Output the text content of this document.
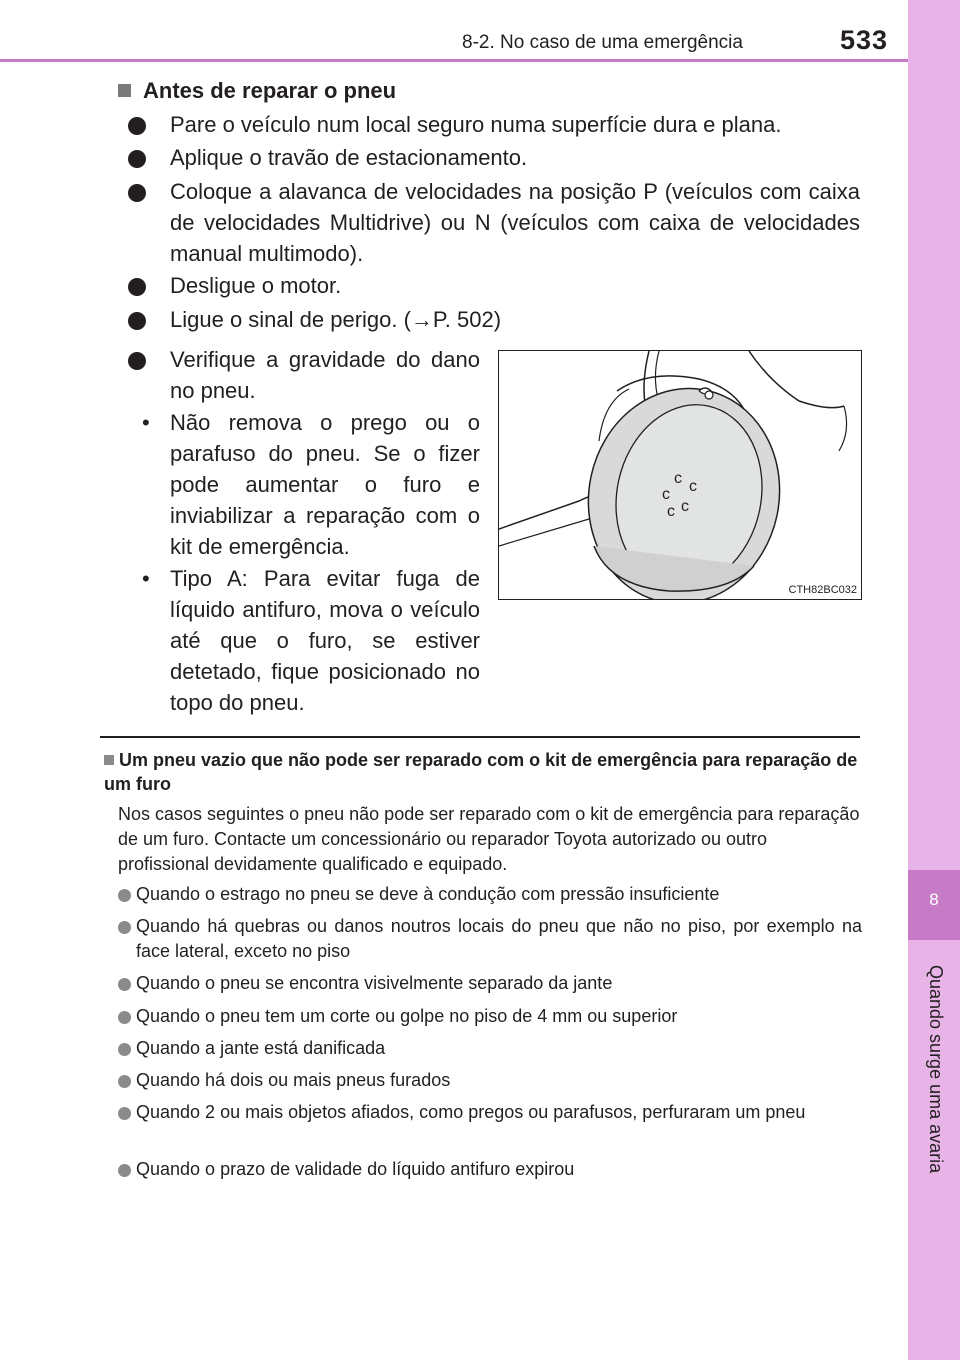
8-2. No caso de uma emergência	533
8
Quando surge uma avaria
Antes de reparar o pneu
Pare o veículo num local seguro numa superfície dura e plana.
Aplique o travão de estacionamento.
Coloque a alavanca de velocidades na posição P (veículos com caixa de velocidades Multidrive) ou N (veículos com caixa de velocidades manual multimodo).
Desligue o motor.
Ligue o sinal de perigo. (→P. 502)
Verifique a gravidade do dano no pneu.
• Não remova o prego ou o parafuso do pneu. Se o fizer pode aumentar o furo e inviabilizar a reparação com o kit de emergência.
• Tipo A: Para evitar fuga de líquido antifuro, mova o veículo até que o furo, se estiver detetado, fique posicionado no topo do pneu.
c c
c
c
c
CTH82BC032
Um pneu vazio que não pode ser reparado com o kit de emergência para reparação de um furo
Nos casos seguintes o pneu não pode ser reparado com o kit de emergência para reparação de um furo. Contacte um concessionário ou reparador Toyota autorizado ou outro profissional devidamente qualificado e equipado.
Quando o estrago no pneu se deve à condução com pressão insuficiente
Quando há quebras ou danos noutros locais do pneu que não no piso, por exemplo na face lateral, exceto no piso
Quando o pneu se encontra visivelmente separado da jante
Quando o pneu tem um corte ou golpe no piso de 4 mm ou superior
Quando a jante está danificada
Quando há dois ou mais pneus furados
Quando 2 ou mais objetos afiados, como pregos ou parafusos, perfuraram um pneu
Quando o prazo de validade do líquido antifuro expirou
